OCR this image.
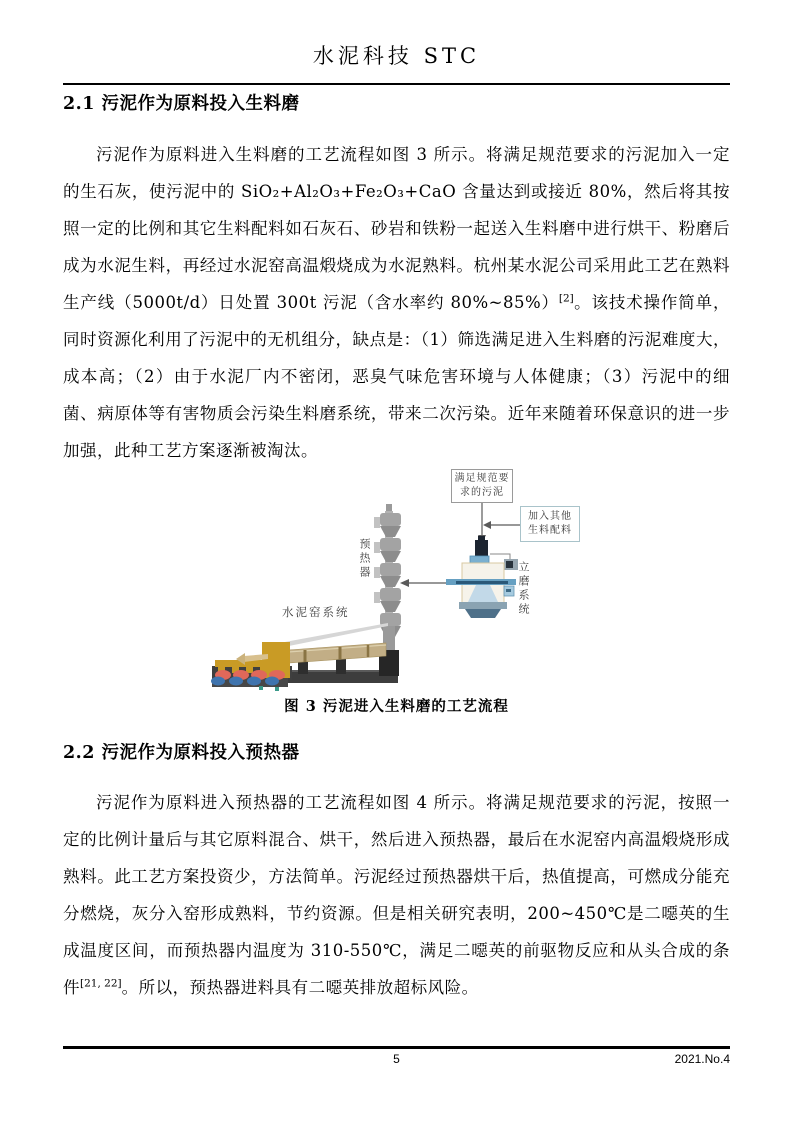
水泥科技 STC
2.1 污泥作为原料投入生料磨

污泥作为原料进入生料磨的工艺流程如图 3 所示。将满足规范要求的污泥加入一定的生石灰，使污泥中的 SiO₂+Al₂O₃+Fe₂O₃+CaO 含量达到或接近 80%，然后将其按照一定的比例和其它生料配料如石灰石、砂岩和铁粉一起送入生料磨中进行烘干、粉磨后成为水泥生料，再经过水泥窑高温煅烧成为水泥熟料。杭州某水泥公司采用此工艺在熟料生产线（5000t/d）日处置 300t 污泥（含水率约 80%~85%）[2]。该技术操作简单，同时资源化利用了污泥中的无机组分，缺点是：（1）筛选满足进入生料磨的污泥难度大，成本高；（2）由于水泥厂内不密闭，恶臭气味危害环境与人体健康；（3）污泥中的细菌、病原体等有害物质会污染生料磨系统，带来二次污染。近年来随着环保意识的进一步加强，此种工艺方案逐渐被淘汰。

满足规范要求的污泥
加入其他生料配料
预热器
立磨系统
水泥窑系统
图 3 污泥进入生料磨的工艺流程
2.2 污泥作为原料投入预热器

污泥作为原料进入预热器的工艺流程如图 4 所示。将满足规范要求的污泥，按照一定的比例计量后与其它原料混合、烘干，然后进入预热器，最后在水泥窑内高温煅烧形成熟料。此工艺方案投资少，方法简单。污泥经过预热器烘干后，热值提高，可燃成分能充分燃烧，灰分入窑形成熟料，节约资源。但是相关研究表明，200~450℃是二噁英的生成温度区间，而预热器内温度为 310-550℃，满足二噁英的前驱物反应和从头合成的条件[21, 22]。所以，预热器进料具有二噁英排放超标风险。

5	2021.No.4
